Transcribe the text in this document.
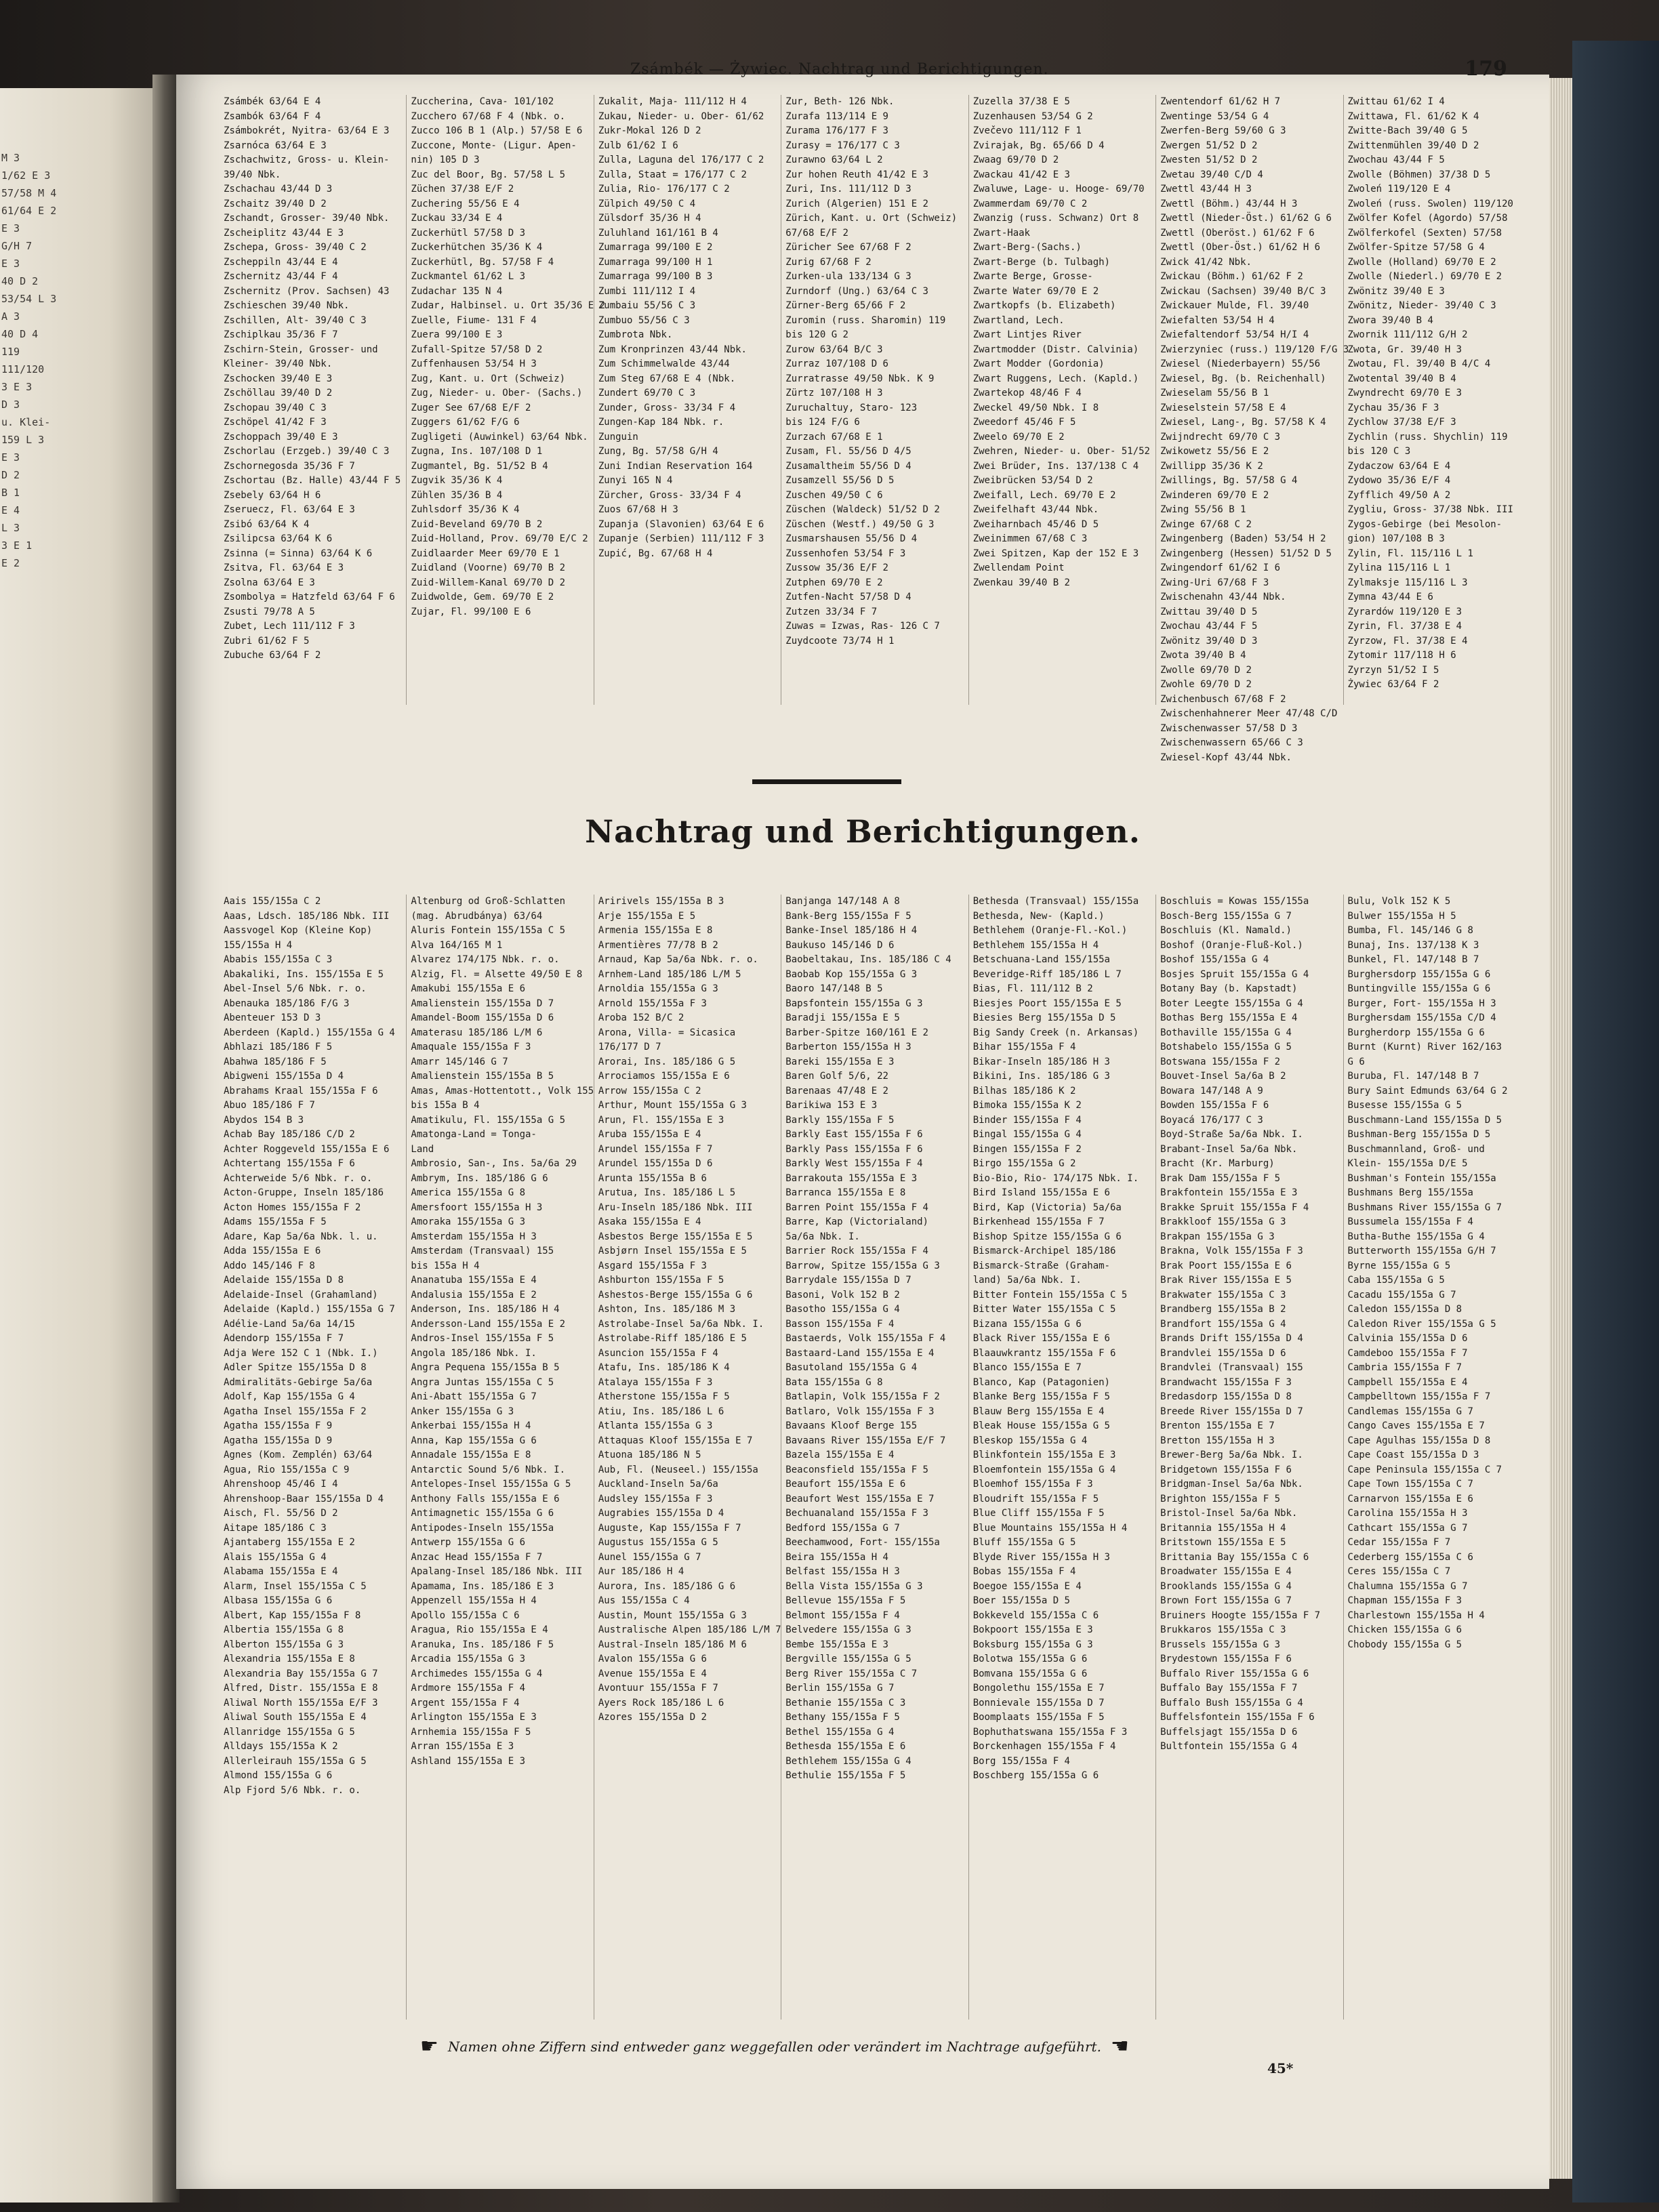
M 3
1/62 E 3
57/58 M 4
61/64 E 2
E 3
G/H 7
E 3
40 D 2
53/54 L 3
A 3
40 D 4
119
111/120
3 E 3
D 3
u. Klei-
159 L 3
E 3
D 2
B 1
E 4
L 3
3 E 1
E 2
Zsámbék — Żywiec. Nachtrag und Berichtigungen.	179
Zsámbék 63/64 E 4
Zsambók 63/64 F 4
Zsámbokrét, Nyitra- 63/64 E 3
Zsarnóca 63/64 E 3
Zschachwitz, Gross- u. Klein-
39/40 Nbk.
Zschachau 43/44 D 3
Zschaitz 39/40 D 2
Zschandt, Grosser- 39/40 Nbk.
Zscheiplitz 43/44 E 3
Zschepa, Gross- 39/40 C 2
Zscheppiln 43/44 E 4
Zschernitz 43/44 F 4
Zschernitz (Prov. Sachsen) 43
Zschieschen 39/40 Nbk.
Zschillen, Alt- 39/40 C 3
Zschiplkau 35/36 F 7
Zschirn-Stein, Grosser- und
Kleiner- 39/40 Nbk.
Zschocken 39/40 E 3
Zschöllau 39/40 D 2
Zschopau 39/40 C 3
Zschöpel 41/42 F 3
Zschoppach 39/40 E 3
Zschorlau (Erzgeb.) 39/40 C 3
Zschornegosda 35/36 F 7
Zschortau (Bz. Halle) 43/44 F 5
Zsebely 63/64 H 6
Zseruecz, Fl. 63/64 E 3
Zsibó 63/64 K 4
Zsilipcsa 63/64 K 6
Zsinna (= Sinna) 63/64 K 6
Zsitva, Fl. 63/64 E 3
Zsolna 63/64 E 3
Zsombolya = Hatzfeld 63/64 F 6
Zsusti 79/78 A 5
Zubet, Lech 111/112 F 3
Zubri 61/62 F 5
Zubuche 63/64 F 2
Zuccherina, Cava- 101/102
Zucchero 67/68 F 4 (Nbk. o.
Zucco 106 B 1 (Alp.) 57/58 E 6
Zuccone, Monte- (Ligur. Apen-
nin) 105 D 3
Zuc del Boor, Bg. 57/58 L 5
Züchen 37/38 E/F 2
Zuchering 55/56 E 4
Zuckau 33/34 E 4
Zuckerhütl 57/58 D 3
Zuckerhütchen 35/36 K 4
Zuckerhütl, Bg. 57/58 F 4
Zuckmantel 61/62 L 3
Zudachar 135 N 4
Zudar, Halbinsel. u. Ort 35/36 E 2
Zuelle, Fiume- 131 F 4
Zuera 99/100 E 3
Zufall-Spitze 57/58 D 2
Zuffenhausen 53/54 H 3
Zug, Kant. u. Ort (Schweiz)
Zug, Nieder- u. Ober- (Sachs.)
Zuger See 67/68 E/F 2
Zuggers 61/62 F/G 6
Zugligeti (Auwinkel) 63/64 Nbk.
Zugna, Ins. 107/108 D 1
Zugmantel, Bg. 51/52 B 4
Zugvik 35/36 K 4
Zühlen 35/36 B 4
Zuhlsdorf 35/36 K 4
Zuid-Beveland 69/70 B 2
Zuid-Holland, Prov. 69/70 E/C 2
Zuidlaarder Meer 69/70 E 1
Zuidland (Voorne) 69/70 B 2
Zuid-Willem-Kanal 69/70 D 2
Zuidwolde, Gem. 69/70 E 2
Zujar, Fl. 99/100 E 6
Zukalit, Maja- 111/112 H 4
Zukau, Nieder- u. Ober- 61/62
Zukr-Mokal 126 D 2
Zulb 61/62 I 6
Zulla, Laguna del 176/177 C 2
Zulla, Staat = 176/177 C 2
Zulia, Rio- 176/177 C 2
Zülpich 49/50 C 4
Zülsdorf 35/36 H 4
Zuluhland 161/161 B 4
Zumarraga 99/100 E 2
Zumarraga 99/100 H 1
Zumarraga 99/100 B 3
Zumbi 111/112 I 4
Zumbaiu 55/56 C 3
Zumbuo 55/56 C 3
Zumbrota Nbk.
Zum Kronprinzen 43/44 Nbk.
Zum Schimmelwalde 43/44
Zum Steg 67/68 E 4 (Nbk.
Zundert 69/70 C 3
Zunder, Gross- 33/34 F 4
Zungen-Kap 184 Nbk. r.
Zunguin
Zung, Bg. 57/58 G/H 4
Zuni Indian Reservation 164
Zunyi 165 N 4
Zürcher, Gross- 33/34 F 4
Zuos 67/68 H 3
Zupanja (Slavonien) 63/64 E 6
Zupanje (Serbien) 111/112 F 3
Zupić, Bg. 67/68 H 4
Zur, Beth- 126 Nbk.
Zurafa 113/114 E 9
Zurama 176/177 F 3
Zurasy = 176/177 C 3
Zurawno 63/64 L 2
Zur hohen Reuth 41/42 E 3
Zuri, Ins. 111/112 D 3
Zurich (Algerien) 151 E 2
Zürich, Kant. u. Ort (Schweiz)
67/68 E/F 2
Züricher See 67/68 F 2
Zurig 67/68 F 2
Zurken-ula 133/134 G 3
Zurndorf (Ung.) 63/64 C 3
Zürner-Berg 65/66 F 2
Zuromin (russ. Sharomin) 119
bis 120 G 2
Zurow 63/64 B/C 3
Zurraz 107/108 D 6
Zurratrasse 49/50 Nbk. K 9
Zürtz 107/108 H 3
Zuruchaltuy, Staro- 123
bis 124 F/G 6
Zurzach 67/68 E 1
Zusam, Fl. 55/56 D 4/5
Zusamaltheim 55/56 D 4
Zusamzell 55/56 D 5
Zuschen 49/50 C 6
Züschen (Waldeck) 51/52 D 2
Züschen (Westf.) 49/50 G 3
Zusmarshausen 55/56 D 4
Zussenhofen 53/54 F 3
Zussow 35/36 E/F 2
Zutphen 69/70 E 2
Zutfen-Nacht 57/58 D 4
Zutzen 33/34 F 7
Zuwas = Izwas, Ras- 126 C 7
Zuydcoote 73/74 H 1
Zuzella 37/38 E 5
Zuzenhausen 53/54 G 2
Zvečevo 111/112 F 1
Zvirajak, Bg. 65/66 D 4
Zwaag 69/70 D 2
Zwackau 41/42 E 3
Zwaluwe, Lage- u. Hooge- 69/70
Zwammerdam 69/70 C 2
Zwanzig (russ. Schwanz) Ort 8
Zwart-Haak
Zwart-Berg-(Sachs.)
Zwart-Berge (b. Tulbagh)
Zwarte Berge, Grosse-
Zwarte Water 69/70 E 2
Zwartkopfs (b. Elizabeth)
Zwartland, Lech.
Zwart Lintjes River
Zwartmodder (Distr. Calvinia)
Zwart Modder (Gordonia)
Zwart Ruggens, Lech. (Kapld.)
Zwartekop 48/46 F 4
Zweckel 49/50 Nbk. I 8
Zweedorf 45/46 F 5
Zweelo 69/70 E 2
Zwehren, Nieder- u. Ober- 51/52
Zwei Brüder, Ins. 137/138 C 4
Zweibrücken 53/54 D 2
Zweifall, Lech. 69/70 E 2
Zweifelhaft 43/44 Nbk.
Zweiharnbach 45/46 D 5
Zweinimmen 67/68 C 3
Zwei Spitzen, Kap der 152 E 3
Zwellendam Point
Zwenkau 39/40 B 2
Zwentendorf 61/62 H 7
Zwentinge 53/54 G 4
Zwerfen-Berg 59/60 G 3
Zwergen 51/52 D 2
Zwesten 51/52 D 2
Zwetau 39/40 C/D 4
Zwettl 43/44 H 3
Zwettl (Böhm.) 43/44 H 3
Zwettl (Nieder-Öst.) 61/62 G 6
Zwettl (Oberöst.) 61/62 F 6
Zwettl (Ober-Öst.) 61/62 H 6
Zwick 41/42 Nbk.
Zwickau (Böhm.) 61/62 F 2
Zwickau (Sachsen) 39/40 B/C 3
Zwickauer Mulde, Fl. 39/40
Zwiefalten 53/54 H 4
Zwiefaltendorf 53/54 H/I 4
Zwierzyniec (russ.) 119/120 F/G 3
Zwiesel (Niederbayern) 55/56
Zwiesel, Bg. (b. Reichenhall)
Zwieselam 55/56 B 1
Zwieselstein 57/58 E 4
Zwiesel, Lang-, Bg. 57/58 K 4
Zwijndrecht 69/70 C 3
Zwikowetz 55/56 E 2
Zwillipp 35/36 K 2
Zwillings, Bg. 57/58 G 4
Zwinderen 69/70 E 2
Zwing 55/56 B 1
Zwinge 67/68 C 2
Zwingenberg (Baden) 53/54 H 2
Zwingenberg (Hessen) 51/52 D 5
Zwingendorf 61/62 I 6
Zwing-Uri 67/68 F 3
Zwischenahn 43/44 Nbk.
Zwittau 39/40 D 5
Zwochau 43/44 F 5
Zwönitz 39/40 D 3
Zwota 39/40 B 4
Zwolle 69/70 D 2
Zwohle 69/70 D 2
Zwichenbusch 67/68 F 2
Zwischenhahnerer Meer 47/48 C/D
Zwischenwasser 57/58 D 3
Zwischenwassern 65/66 C 3
Zwiesel-Kopf 43/44 Nbk.
Zwittau 61/62 I 4
Zwittawa, Fl. 61/62 K 4
Zwitte-Bach 39/40 G 5
Zwittenmühlen 39/40 D 2
Zwochau 43/44 F 5
Zwolle (Böhmen) 37/38 D 5
Zwoleń 119/120 E 4
Zwoleń (russ. Swolen) 119/120
Zwölfer Kofel (Agordo) 57/58
Zwölferkofel (Sexten) 57/58
Zwölfer-Spitze 57/58 G 4
Zwolle (Holland) 69/70 E 2
Zwolle (Niederl.) 69/70 E 2
Zwönitz 39/40 E 3
Zwönitz, Nieder- 39/40 C 3
Zwora 39/40 B 4
Zwornik 111/112 G/H 2
Zwota, Gr. 39/40 H 3
Zwotau, Fl. 39/40 B 4/C 4
Zwotental 39/40 B 4
Zwyndrecht 69/70 E 3
Zychau 35/36 F 3
Zychlow 37/38 E/F 3
Zychlin (russ. Shychlin) 119
bis 120 C 3
Zydaczow 63/64 E 4
Zydowo 35/36 E/F 4
Zyfflich 49/50 A 2
Zygliu, Gross- 37/38 Nbk. III
Zygos-Gebirge (bei Mesolon-
gion) 107/108 B 3
Zylin, Fl. 115/116 L 1
Zylina 115/116 L 1
Zylmaksje 115/116 L 3
Zymna 43/44 E 6
Zyrardów 119/120 E 3
Zyrin, Fl. 37/38 E 4
Zyrzow, Fl. 37/38 E 4
Zytomir 117/118 H 6
Zyrzyn 51/52 I 5
Żywiec 63/64 F 2
Nachtrag und Berichtigungen.
Aais 155/155a C 2
Aaas, Ldsch. 185/186 Nbk. III
Aassvogel Kop (Kleine Kop)
155/155a H 4
Ababis 155/155a C 3
Abakaliki, Ins. 155/155a E 5
Abel-Insel 5/6 Nbk. r. o.
Abenauka 185/186 F/G 3
Abenteuer 153 D 3
Aberdeen (Kapld.) 155/155a G 4
Abhlazi 185/186 F 5
Abahwa 185/186 F 5
Abigweni 155/155a D 4
Abrahams Kraal 155/155a F 6
Abuo 185/186 F 7
Abydos 154 B 3
Achab Bay 185/186 C/D 2
Achter Roggeveld 155/155a E 6
Achtertang 155/155a F 6
Achterweide 5/6 Nbk. r. o.
Acton-Gruppe, Inseln 185/186
Acton Homes 155/155a F 2
Adams 155/155a F 5
Adare, Kap 5a/6a Nbk. l. u.
Adda 155/155a E 6
Addo 145/146 F 8
Adelaide 155/155a D 8
Adelaide-Insel (Grahamland)
Adelaide (Kapld.) 155/155a G 7
Adélie-Land 5a/6a 14/15
Adendorp 155/155a F 7
Adja Were 152 C 1 (Nbk. I.)
Adler Spitze 155/155a D 8
Admiralitäts-Gebirge 5a/6a
Adolf, Kap 155/155a G 4
Agatha Insel 155/155a F 2
Agatha 155/155a F 9
Agatha 155/155a D 9
Agnes (Kom. Zemplén) 63/64
Agua, Rio 155/155a C 9
Ahrenshoop 45/46 I 4
Ahrenshoop-Baar 155/155a D 4
Aisch, Fl. 55/56 D 2
Aitape 185/186 C 3
Ajantaberg 155/155a E 2
Alais 155/155a G 4
Alabama 155/155a E 4
Alarm, Insel 155/155a C 5
Albasa 155/155a G 6
Albert, Kap 155/155a F 8
Albertia 155/155a G 8
Alberton 155/155a G 3
Alexandria 155/155a E 8
Alexandria Bay 155/155a G 7
Alfred, Distr. 155/155a E 8
Aliwal North 155/155a E/F 3
Aliwal South 155/155a E 4
Allanridge 155/155a G 5
Alldays 155/155a K 2
Allerleirauh 155/155a G 5
Almond 155/155a G 6
Alp Fjord 5/6 Nbk. r. o.
Altenburg od Groß-Schlatten
(mag. Abrudbánya) 63/64
Aluris Fontein 155/155a C 5
Alva 164/165 M 1
Alvarez 174/175 Nbk. r. o.
Alzig, Fl. = Alsette 49/50 E 8
Amakubi 155/155a E 6
Amalienstein 155/155a D 7
Amandel-Boom 155/155a D 6
Amaterasu 185/186 L/M 6
Amaquale 155/155a F 3
Amarr 145/146 G 7
Amalienstein 155/155a B 5
Amas, Amas-Hottentott., Volk 155
bis 155a B 4
Amatikulu, Fl. 155/155a G 5
Amatonga-Land = Tonga-
Land
Ambrosio, San-, Ins. 5a/6a 29
Ambrym, Ins. 185/186 G 6
America 155/155a G 8
Amersfoort 155/155a H 3
Amoraka 155/155a G 3
Amsterdam 155/155a H 3
Amsterdam (Transvaal) 155
bis 155a H 4
Ananatuba 155/155a E 4
Andalusia 155/155a E 2
Anderson, Ins. 185/186 H 4
Andersson-Land 155/155a E 2
Andros-Insel 155/155a F 5
Angola 185/186 Nbk. I.
Angra Pequena 155/155a B 5
Angra Juntas 155/155a C 5
Ani-Abatt 155/155a G 7
Anker 155/155a G 3
Ankerbai 155/155a H 4
Anna, Kap 155/155a G 6
Annadale 155/155a E 8
Antarctic Sound 5/6 Nbk. I.
Antelopes-Insel 155/155a G 5
Anthony Falls 155/155a E 6
Antimagnetic 155/155a G 6
Antipodes-Inseln 155/155a
Antwerp 155/155a G 6
Anzac Head 155/155a F 7
Apalang-Insel 185/186 Nbk. III
Apamama, Ins. 185/186 E 3
Appenzell 155/155a H 4
Apollo 155/155a C 6
Aragua, Rio 155/155a E 4
Aranuka, Ins. 185/186 F 5
Arcadia 155/155a G 3
Archimedes 155/155a G 4
Ardmore 155/155a F 4
Argent 155/155a F 4
Arlington 155/155a E 3
Arnhemia 155/155a F 5
Arran 155/155a E 3
Ashland 155/155a E 3
Aririvels 155/155a B 3
Arje 155/155a E 5
Armenia 155/155a E 8
Armentières 77/78 B 2
Arnaud, Kap 5a/6a Nbk. r. o.
Arnhem-Land 185/186 L/M 5
Arnoldia 155/155a G 3
Arnold 155/155a F 3
Aroba 152 B/C 2
Arona, Villa- = Sicasica
176/177 D 7
Arorai, Ins. 185/186 G 5
Arrociamos 155/155a E 6
Arrow 155/155a C 2
Arthur, Mount 155/155a G 3
Arun, Fl. 155/155a E 3
Aruba 155/155a E 4
Arundel 155/155a F 7
Arundel 155/155a D 6
Arunta 155/155a B 6
Arutua, Ins. 185/186 L 5
Aru-Inseln 185/186 Nbk. III
Asaka 155/155a E 4
Asbestos Berge 155/155a E 5
Asbjørn Insel 155/155a E 5
Asgard 155/155a F 3
Ashburton 155/155a F 5
Ashestos-Berge 155/155a G 6
Ashton, Ins. 185/186 M 3
Astrolabe-Insel 5a/6a Nbk. I.
Astrolabe-Riff 185/186 E 5
Asuncion 155/155a F 4
Atafu, Ins. 185/186 K 4
Atalaya 155/155a F 3
Atherstone 155/155a F 5
Atiu, Ins. 185/186 L 6
Atlanta 155/155a G 3
Attaquas Kloof 155/155a E 7
Atuona 185/186 N 5
Aub, Fl. (Neuseel.) 155/155a
Auckland-Inseln 5a/6a
Audsley 155/155a F 3
Augrabies 155/155a D 4
Auguste, Kap 155/155a F 7
Augustus 155/155a G 5
Aunel 155/155a G 7
Aur 185/186 H 4
Aurora, Ins. 185/186 G 6
Aus 155/155a C 4
Austin, Mount 155/155a G 3
Australische Alpen 185/186 L/M 7
Austral-Inseln 185/186 M 6
Avalon 155/155a G 6
Avenue 155/155a E 4
Avontuur 155/155a F 7
Ayers Rock 185/186 L 6
Azores 155/155a D 2
Banjanga 147/148 A 8
Bank-Berg 155/155a F 5
Banke-Insel 185/186 H 4
Baukuso 145/146 D 6
Baobeltakau, Ins. 185/186 C 4
Baobab Kop 155/155a G 3
Baoro 147/148 B 5
Bapsfontein 155/155a G 3
Baradji 155/155a E 5
Barber-Spitze 160/161 E 2
Barberton 155/155a H 3
Bareki 155/155a E 3
Baren Golf 5/6, 22
Barenaas 47/48 E 2
Barikiwa 153 E 3
Barkly 155/155a F 5
Barkly East 155/155a F 6
Barkly Pass 155/155a F 6
Barkly West 155/155a F 4
Barrakouta 155/155a E 3
Barranca 155/155a E 8
Barren Point 155/155a F 4
Barre, Kap (Victorialand)
5a/6a Nbk. I.
Barrier Rock 155/155a F 4
Barrow, Spitze 155/155a G 3
Barrydale 155/155a D 7
Basoni, Volk 152 B 2
Basotho 155/155a G 4
Basson 155/155a F 4
Bastaerds, Volk 155/155a F 4
Bastaard-Land 155/155a E 4
Basutoland 155/155a G 4
Bata 155/155a G 8
Batlapin, Volk 155/155a F 2
Batlaro, Volk 155/155a F 3
Bavaans Kloof Berge 155
Bavaans River 155/155a E/F 7
Bazela 155/155a E 4
Beaconsfield 155/155a F 5
Beaufort 155/155a E 6
Beaufort West 155/155a E 7
Bechuanaland 155/155a F 3
Bedford 155/155a G 7
Beechamwood, Fort- 155/155a
Beira 155/155a H 4
Belfast 155/155a H 3
Bella Vista 155/155a G 3
Bellevue 155/155a F 5
Belmont 155/155a F 4
Belvedere 155/155a G 3
Bembe 155/155a E 3
Bergville 155/155a G 5
Berg River 155/155a C 7
Berlin 155/155a G 7
Bethanie 155/155a C 3
Bethany 155/155a F 5
Bethel 155/155a G 4
Bethesda 155/155a E 6
Bethlehem 155/155a G 4
Bethulie 155/155a F 5
Bethesda (Transvaal) 155/155a
Bethesda, New- (Kapld.)
Bethlehem (Oranje-Fl.-Kol.)
Bethlehem 155/155a H 4
Betschuana-Land 155/155a
Beveridge-Riff 185/186 L 7
Bias, Fl. 111/112 B 2
Biesjes Poort 155/155a E 5
Biesies Berg 155/155a D 5
Big Sandy Creek (n. Arkansas)
Bihar 155/155a F 4
Bikar-Inseln 185/186 H 3
Bikini, Ins. 185/186 G 3
Bilhas 185/186 K 2
Bimoka 155/155a K 2
Binder 155/155a F 4
Bingal 155/155a G 4
Bingen 155/155a F 2
Birgo 155/155a G 2
Bio-Bio, Rio- 174/175 Nbk. I.
Bird Island 155/155a E 6
Bird, Kap (Victoria) 5a/6a
Birkenhead 155/155a F 7
Bishop Spitze 155/155a G 6
Bismarck-Archipel 185/186
Bismarck-Straße (Graham-
land) 5a/6a Nbk. I.
Bitter Fontein 155/155a C 5
Bitter Water 155/155a C 5
Bizana 155/155a G 6
Black River 155/155a E 6
Blaauwkrantz 155/155a F 6
Blanco 155/155a E 7
Blanco, Kap (Patagonien)
Blanke Berg 155/155a F 5
Blauw Berg 155/155a E 4
Bleak House 155/155a G 5
Bleskop 155/155a G 4
Blinkfontein 155/155a E 3
Bloemfontein 155/155a G 4
Bloemhof 155/155a F 3
Bloudrift 155/155a F 5
Blue Cliff 155/155a F 5
Blue Mountains 155/155a H 4
Bluff 155/155a G 5
Blyde River 155/155a H 3
Bobas 155/155a F 4
Boegoe 155/155a E 4
Boer 155/155a D 5
Bokkeveld 155/155a C 6
Bokpoort 155/155a E 3
Boksburg 155/155a G 3
Bolotwa 155/155a G 6
Bomvana 155/155a G 6
Bongolethu 155/155a E 7
Bonnievale 155/155a D 7
Boomplaats 155/155a F 5
Bophuthatswana 155/155a F 3
Borckenhagen 155/155a F 4
Borg 155/155a F 4
Boschberg 155/155a G 6
Boschluis = Kowas 155/155a
Bosch-Berg 155/155a G 7
Boschluis (Kl. Namald.)
Boshof (Oranje-Fluß-Kol.)
Boshof 155/155a G 4
Bosjes Spruit 155/155a G 4
Botany Bay (b. Kapstadt)
Boter Leegte 155/155a G 4
Bothas Berg 155/155a E 4
Bothaville 155/155a G 4
Botshabelo 155/155a G 5
Botswana 155/155a F 2
Bouvet-Insel 5a/6a B 2
Bowara 147/148 A 9
Bowden 155/155a F 6
Boyacá 176/177 C 3
Boyd-Straße 5a/6a Nbk. I.
Brabant-Insel 5a/6a Nbk.
Bracht (Kr. Marburg)
Brak Dam 155/155a F 5
Brakfontein 155/155a E 3
Brakke Spruit 155/155a F 4
Brakkloof 155/155a G 3
Brakpan 155/155a G 3
Brakna, Volk 155/155a F 3
Brak Poort 155/155a E 6
Brak River 155/155a E 5
Brakwater 155/155a C 3
Brandberg 155/155a B 2
Brandfort 155/155a G 4
Brands Drift 155/155a D 4
Brandvlei 155/155a D 6
Brandvlei (Transvaal) 155
Brandwacht 155/155a F 3
Bredasdorp 155/155a D 8
Breede River 155/155a D 7
Brenton 155/155a E 7
Bretton 155/155a H 3
Brewer-Berg 5a/6a Nbk. I.
Bridgetown 155/155a F 6
Bridgman-Insel 5a/6a Nbk.
Brighton 155/155a F 5
Bristol-Insel 5a/6a Nbk.
Britannia 155/155a H 4
Britstown 155/155a E 5
Brittania Bay 155/155a C 6
Broadwater 155/155a E 4
Brooklands 155/155a G 4
Brown Fort 155/155a G 7
Bruiners Hoogte 155/155a F 7
Brukkaros 155/155a C 3
Brussels 155/155a G 3
Brydestown 155/155a F 6
Buffalo River 155/155a G 6
Buffalo Bay 155/155a F 7
Buffalo Bush 155/155a G 4
Buffelsfontein 155/155a F 6
Buffelsjagt 155/155a D 6
Bultfontein 155/155a G 4
Bulu, Volk 152 K 5
Bulwer 155/155a H 5
Bumba, Fl. 145/146 G 8
Bunaj, Ins. 137/138 K 3
Bunkel, Fl. 147/148 B 7
Burghersdorp 155/155a G 6
Buntingville 155/155a G 6
Burger, Fort- 155/155a H 3
Burghersdam 155/155a C/D 4
Burgherdorp 155/155a G 6
Burnt (Kurnt) River 162/163
G 6
Buruba, Fl. 147/148 B 7
Bury Saint Edmunds 63/64 G 2
Busesse 155/155a G 5
Buschmann-Land 155/155a D 5
Bushman-Berg 155/155a D 5
Buschmannland, Groß- und
Klein- 155/155a D/E 5
Bushman's Fontein 155/155a
Bushmans Berg 155/155a
Bushmans River 155/155a G 7
Bussumela 155/155a F 4
Butha-Buthe 155/155a G 4
Butterworth 155/155a G/H 7
Byrne 155/155a G 5
Caba 155/155a G 5
Cacadu 155/155a G 7
Caledon 155/155a D 8
Caledon River 155/155a G 5
Calvinia 155/155a D 6
Camdeboo 155/155a F 7
Cambria 155/155a F 7
Campbell 155/155a E 4
Campbelltown 155/155a F 7
Candlemas 155/155a G 7
Cango Caves 155/155a E 7
Cape Agulhas 155/155a D 8
Cape Coast 155/155a D 3
Cape Peninsula 155/155a C 7
Cape Town 155/155a C 7
Carnarvon 155/155a E 6
Carolina 155/155a H 3
Cathcart 155/155a G 7
Cedar 155/155a F 7
Cederberg 155/155a C 6
Ceres 155/155a C 7
Chalumna 155/155a G 7
Chapman 155/155a F 3
Charlestown 155/155a H 4
Chicken 155/155a G 6
Chobody 155/155a G 5
☛ Namen ohne Ziffern sind entweder ganz weggefallen oder verändert im Nachtrage aufgeführt. ☚
45*
